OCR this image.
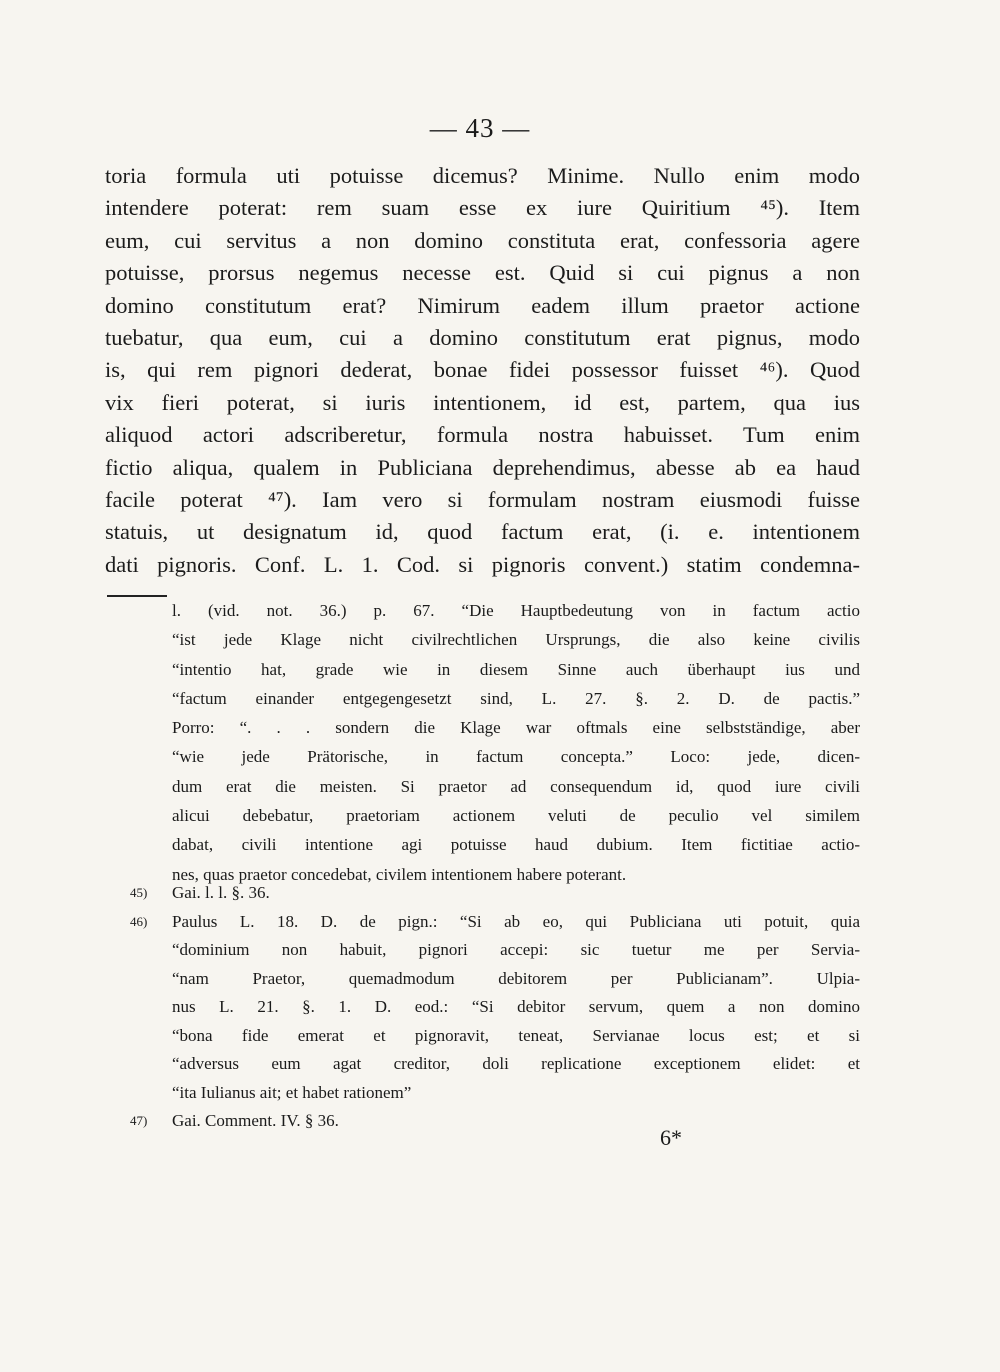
— 43 —
toria formula uti potuisse dicemus? Minime. Nullo enim modo
intendere poterat: rem suam esse ex iure Quiritium ⁴⁵). Item
eum, cui servitus a non domino constituta erat, confessoria agere
potuisse, prorsus negemus necesse est. Quid si cui pignus a non
domino constitutum erat? Nimirum eadem illum praetor actione
tuebatur, qua eum, cui a domino constitutum erat pignus, modo
is, qui rem pignori dederat, bonae fidei possessor fuisset ⁴⁶). Quod
vix fieri poterat, si iuris intentionem, id est, partem, qua ius
aliquod actori adscriberetur, formula nostra habuisset. Tum enim
fictio aliqua, qualem in Publiciana deprehendimus, abesse ab ea haud
facile poterat ⁴⁷). Iam vero si formulam nostram eiusmodi fuisse
statuis, ut designatum id, quod factum erat, (i. e. intentionem
dati pignoris. Conf. L. 1. Cod. si pignoris convent.) statim condemna-
l. (vid. not. 36.) p. 67. “Die Hauptbedeutung von in factum actio
“ist jede Klage nicht civilrechtlichen Ursprungs, die also keine civilis
“intentio hat, grade wie in diesem Sinne auch überhaupt ius und
“factum einander entgegengesetzt sind, L. 27. §. 2. D. de pactis.”
Porro: “. . . sondern die Klage war oftmals eine selbstständige, aber
“wie jede Prätorische, in factum concepta.” Loco: jede, dicen-
dum erat die meisten. Si praetor ad consequendum id, quod iure civili
alicui debebatur, praetoriam actionem veluti de peculio vel similem
dabat, civili intentione agi potuisse haud dubium. Item fictitiae actio-
nes, quas praetor concedebat, civilem intentionem habere poterant.
45) Gai. l. l. §. 36.
46) Paulus L. 18. D. de pign.: “Si ab eo, qui Publiciana uti potuit, quia
“dominium non habuit, pignori accepi: sic tuetur me per Servia-
“nam Praetor, quemadmodum debitorem per Publicianam”. Ulpia-
nus L. 21. §. 1. D. eod.: “Si debitor servum, quem a non domino
“bona fide emerat et pignoravit, teneat, Servianae locus est; et si
“adversus eum agat creditor, doli replicatione exceptionem elidet: et
“ita Iulianus ait; et habet rationem”
47) Gai. Comment. IV. § 36.
6*
